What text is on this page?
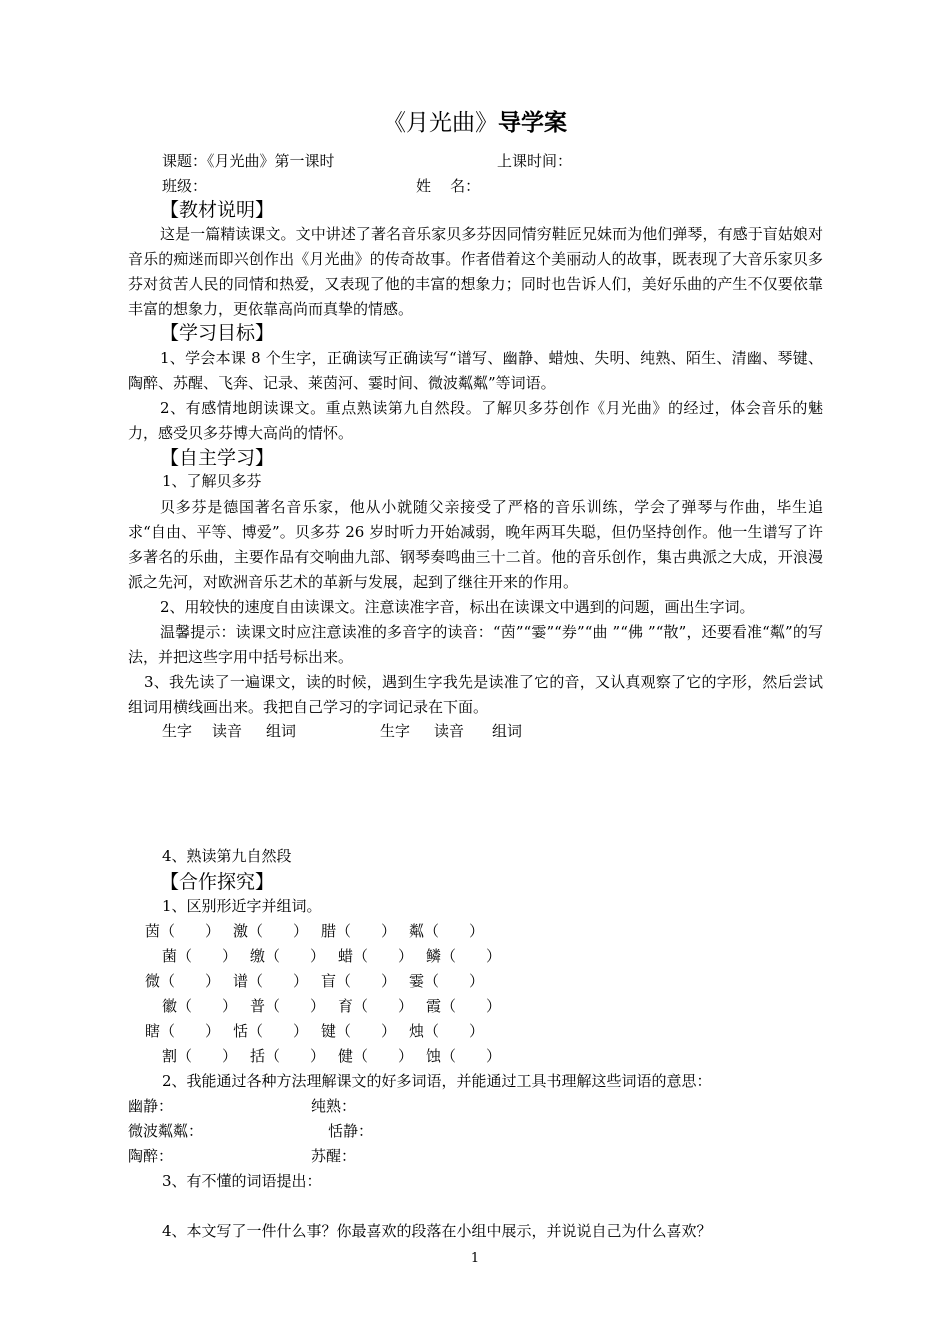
《月光曲》导学案
课题：《月光曲》第一课时	上课时间：
班级：	姓    名：
【教材说明】
这是一篇精读课文。文中讲述了著名音乐家贝多芬因同情穷鞋匠兄妹而为他们弹琴，有感于盲姑娘对音乐的痴迷而即兴创作出《月光曲》的传奇故事。作者借着这个美丽动人的故事，既表现了大音乐家贝多芬对贫苦人民的同情和热爱，又表现了他的丰富的想象力；同时也告诉人们，美好乐曲的产生不仅要依靠丰富的想象力，更依靠高尚而真挚的情感。
【学习目标】
1、学会本课 8 个生字，正确读写正确读写“谱写、幽静、蜡烛、失明、纯熟、陌生、清幽、琴键、陶醉、苏醒、飞奔、记录、莱茵河、霎时间、微波粼粼”等词语。
2、有感情地朗读课文。重点熟读第九自然段。了解贝多芬创作《月光曲》的经过，体会音乐的魅力，感受贝多芬博大高尚的情怀。
【自主学习】
1、了解贝多芬
贝多芬是德国著名音乐家，他从小就随父亲接受了严格的音乐训练，学会了弹琴与作曲，毕生追求“自由、平等、博爱”。贝多芬 26 岁时听力开始减弱，晚年两耳失聪，但仍坚持创作。他一生谱写了许多著名的乐曲，主要作品有交响曲九部、钢琴奏鸣曲三十二首。他的音乐创作，集古典派之大成，开浪漫派之先河，对欧洲音乐艺术的革新与发展，起到了继往开来的作用。
2、用较快的速度自由读课文。注意读准字音，标出在读课文中遇到的问题，画出生字词。
温馨提示：读课文时应注意读准的多音字的读音：“茵”“霎”“券”“曲 ”“佛 ”“散”，还要看准“粼”的写法，并把这些字用中括号标出来。
3、我先读了一遍课文，读的时候，遇到生字我先是读准了它的音，又认真观察了它的字形，然后尝试组词用横线画出来。我把自己学习的字词记录在下面。
生字 读音 组词	生字 读音 组词
4、熟读第九自然段
【合作探究】
1、区别形近字并组词。
茵（　　） 激（　　） 腊（　　） 粼（　　）
菌（　　） 缴（　　） 蜡（　　） 鳞（　　）
微（　　） 谱（　　） 盲（　　） 霎（　　）
徽（　　） 普（　　） 育（　　） 霞（　　）
瞎（　　） 恬（　　） 键（　　） 烛（　　）
割（　　） 括（　　） 健（　　） 蚀（　　）
2、我能通过各种方法理解课文的好多词语，并能通过工具书理解这些词语的意思：
幽静：	纯熟：
微波粼粼：	恬静：
陶醉：	苏醒：
3、有不懂的词语提出：
4、本文写了一件什么事？你最喜欢的段落在小组中展示，并说说自己为什么喜欢？
1
